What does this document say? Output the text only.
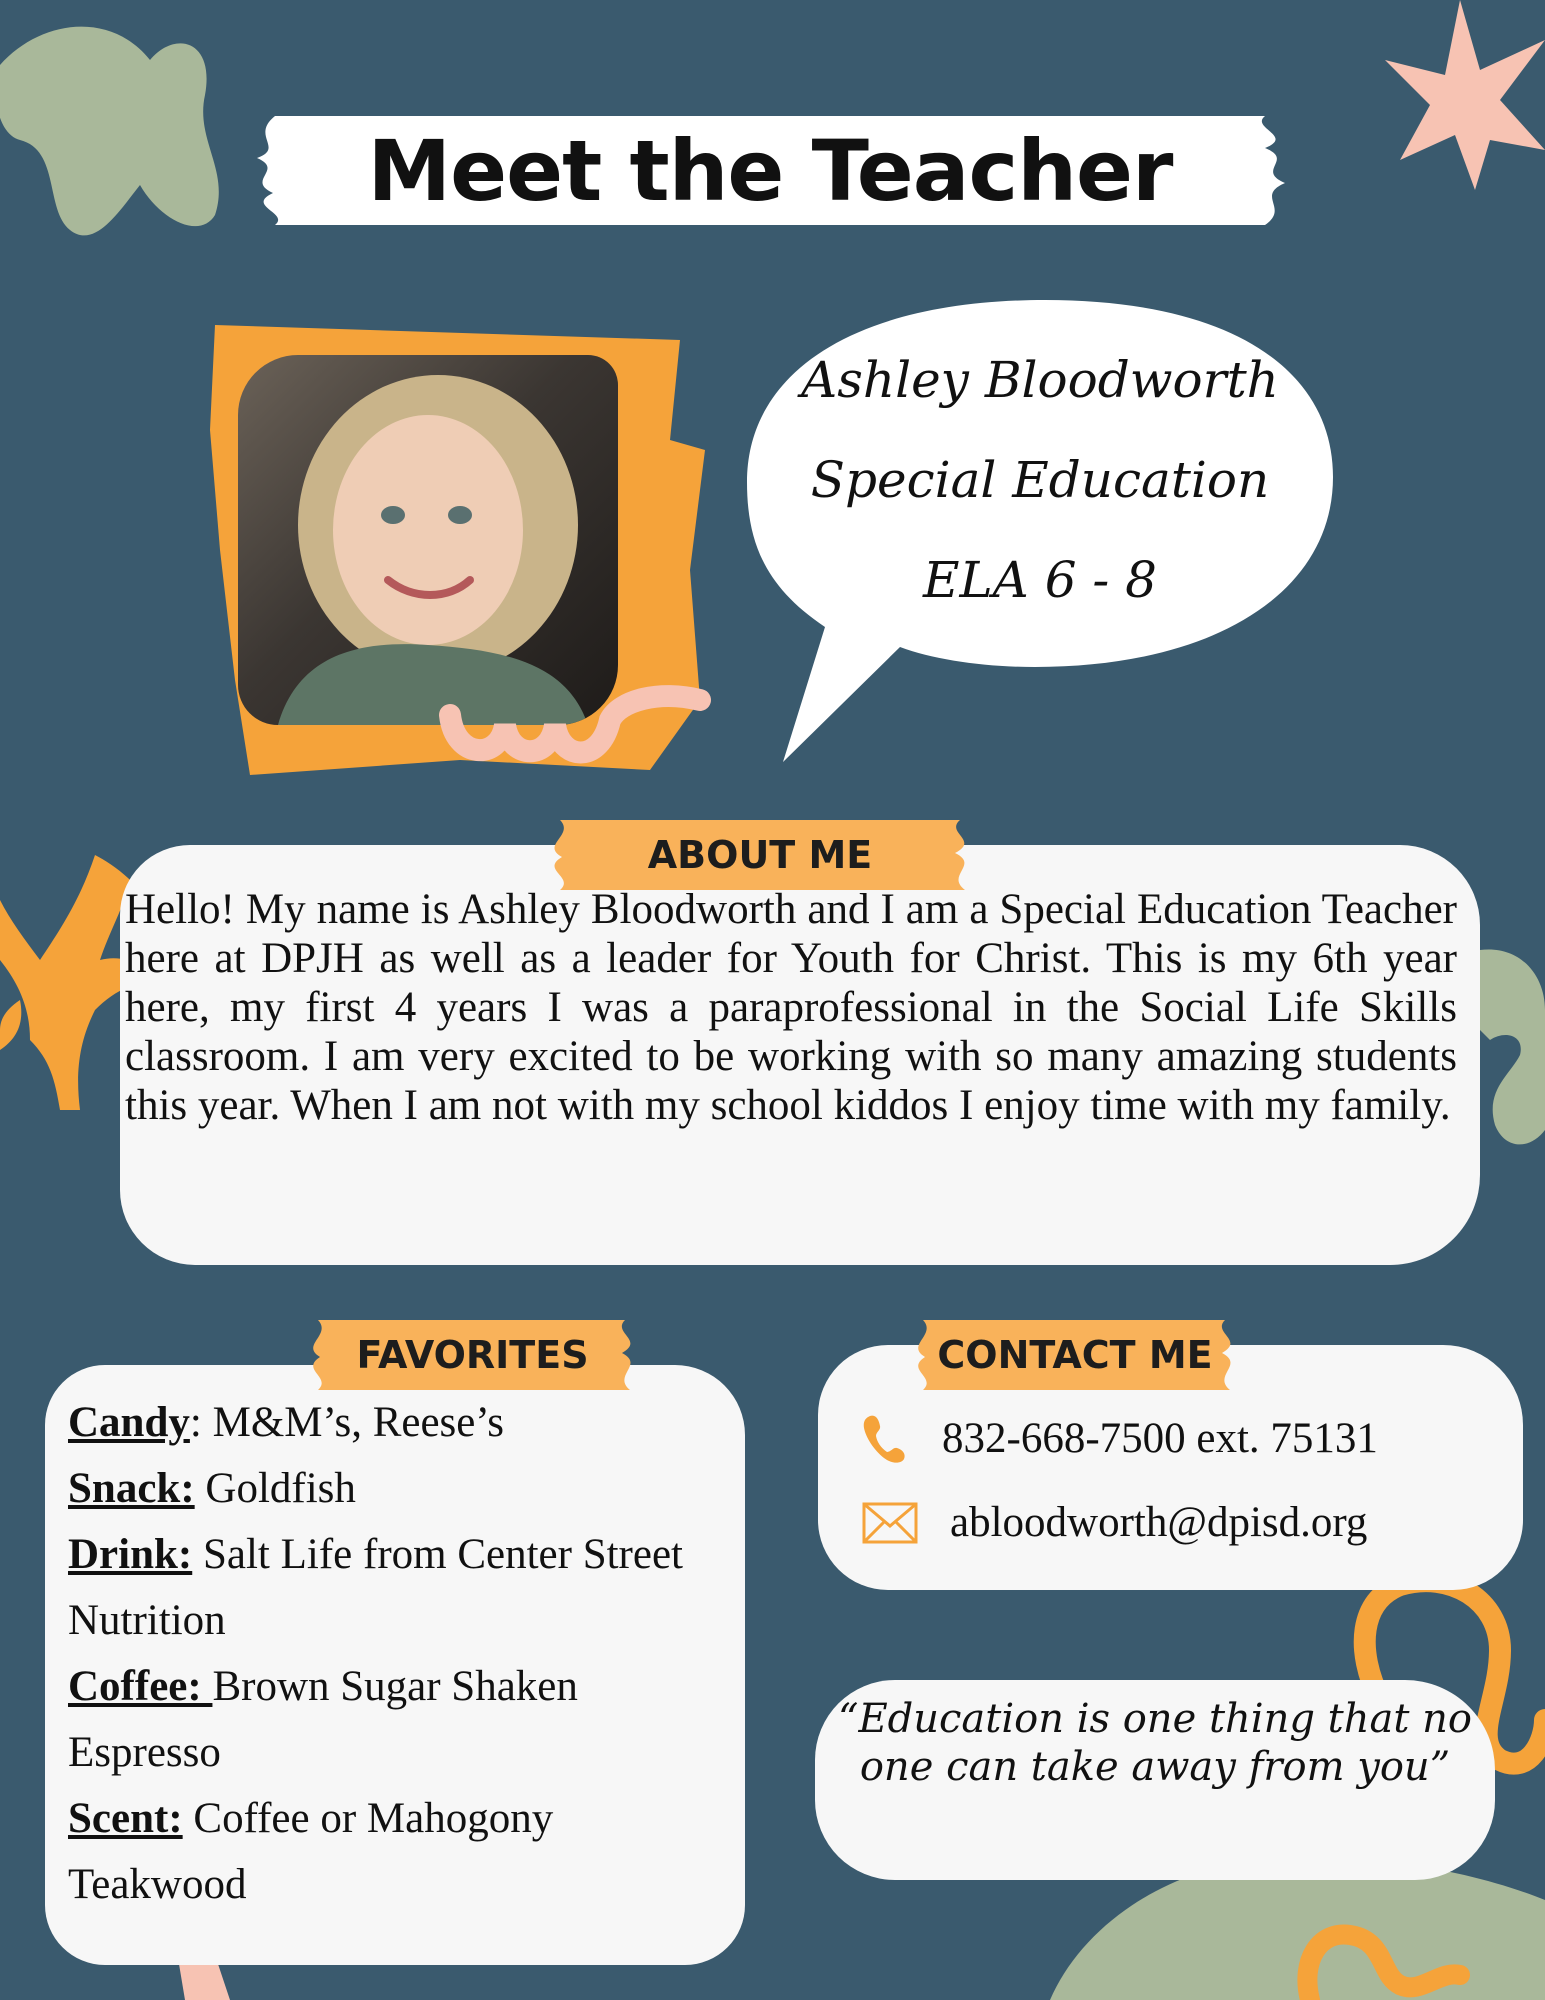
Meet the Teacher
Ashley Bloodworth
Special Education
ELA 6 - 8
ABOUT ME
Hello! My name is Ashley Bloodworth and I am a Special Education Teacher here at DPJH as well as a leader for Youth for Christ. This is my 6th year here, my first 4 years I was a paraprofessional in the Social Life Skills classroom. I am very excited to be working with so many amazing students this year. When I am not with my school kiddos I enjoy time with my family.
FAVORITES
Candy: M&M’s, Reese’s
Snack: Goldfish
Drink: Salt Life from Center Street Nutrition
Coffee: Brown Sugar Shaken Espresso
Scent: Coffee or Mahogony Teakwood
CONTACT ME
832-668-7500 ext. 75131
abloodworth@dpisd.org
“Education is one thing that no one can take away from you”
